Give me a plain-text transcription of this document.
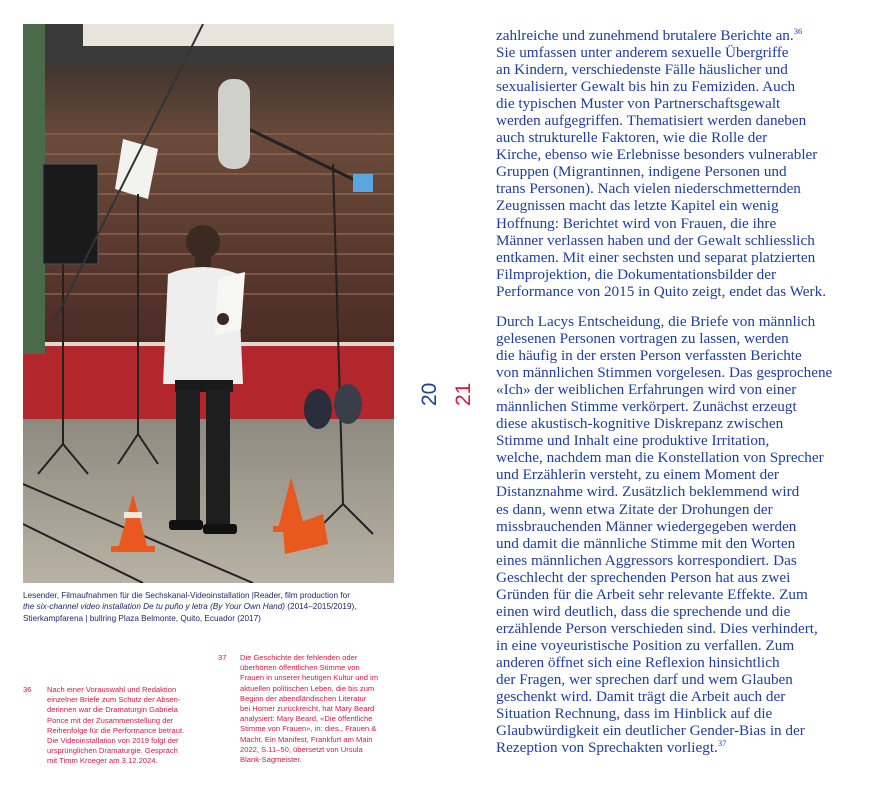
Lesender, Filmaufnahmen für die Sechskanal-Videoinstallation |Reader, film production for
the six-channel video installation De tu puño y letra (By Your Own Hand) (2014–2015/2019),
Stierkampfarena | bullring Plaza Belmonte, Quito, Ecuador (2017)
36 Nach einer Vorauswahl und Redaktion
einzelner Briefe zum Schutz der Absen-
derinnen war die Dramaturgin Gabriela
Ponce mit der Zusammenstellung der
Reihenfolge für die Performance betraut.
Die Videoinstallation von 2019 folgt der
ursprünglichen Dramaturgie. Gespräch
mit Timm Kroeger am 3.12.2024.
37 Die Geschichte der fehlenden oder
überhörten öffentlichen Stimme von
Frauen in unserer heutigen Kultur und im
aktuellen politischen Leben, die bis zum
Beginn der abendländischen Literatur
bei Homer zurückreicht, hat Mary Beard
analysiert: Mary Beard, «Die öffentliche
Stimme von Frauen», in: dies., Frauen &
Macht. Ein Manifest, Frankfurt am Main
2022, S.11–50, übersetzt von Ursula
Blank-Sagmeister.
20 21
zahlreiche und zunehmend brutalere Berichte an.$^{36}$
Sie umfassen unter anderem sexuelle Übergriffe
an Kindern, verschiedenste Fälle häuslicher und
sexualisierter Gewalt bis hin zu Femiziden. Auch
die typischen Muster von Partnerschaftsgewalt
werden aufgegriffen. Thematisiert werden daneben
auch strukturelle Faktoren, wie die Rolle der
Kirche, ebenso wie Erlebnisse besonders vulnerabler
Gruppen (Migrantinnen, indigene Personen und
trans Personen). Nach vielen niederschmetternden
Zeugnissen macht das letzte Kapitel ein wenig
Hoffnung: Berichtet wird von Frauen, die ihre
Männer verlassen haben und der Gewalt schliesslich
entkamen. Mit einer sechsten und separat platzierten
Filmprojektion, die Dokumentationsbilder der
Performance von 2015 in Quito zeigt, endet das Werk.
Durch Lacys Entscheidung, die Briefe von männlich
gelesenen Personen vortragen zu lassen, werden
die häufig in der ersten Person verfassten Berichte
von männlichen Stimmen vorgelesen. Das gesprochene
«Ich» der weiblichen Erfahrungen wird von einer
männlichen Stimme verkörpert. Zunächst erzeugt
diese akustisch-kognitive Diskrepanz zwischen
Stimme und Inhalt eine produktive Irritation,
welche, nachdem man die Konstellation von Sprecher
und Erzählerin versteht, zu einem Moment der
Distanznahme wird. Zusätzlich beklemmend wird
es dann, wenn etwa Zitate der Drohungen der
missbrauchenden Männer wiedergegeben werden
und damit die männliche Stimme mit den Worten
eines männlichen Aggressors korrespondiert. Das
Geschlecht der sprechenden Person hat aus zwei
Gründen für die Arbeit sehr relevante Effekte. Zum
einen wird deutlich, dass die sprechende und die
erzählende Person verschieden sind. Dies verhindert,
in eine voyeuristische Position zu verfallen. Zum
anderen öffnet sich eine Reflexion hinsichtlich
der Fragen, wer sprechen darf und wem Glauben
geschenkt wird. Damit trägt die Arbeit auch der
Situation Rechnung, dass im Hinblick auf die
Glaubwürdigkeit ein deutlicher Gender-Bias in der
Rezeption von Sprechakten vorliegt.$^{37}$
